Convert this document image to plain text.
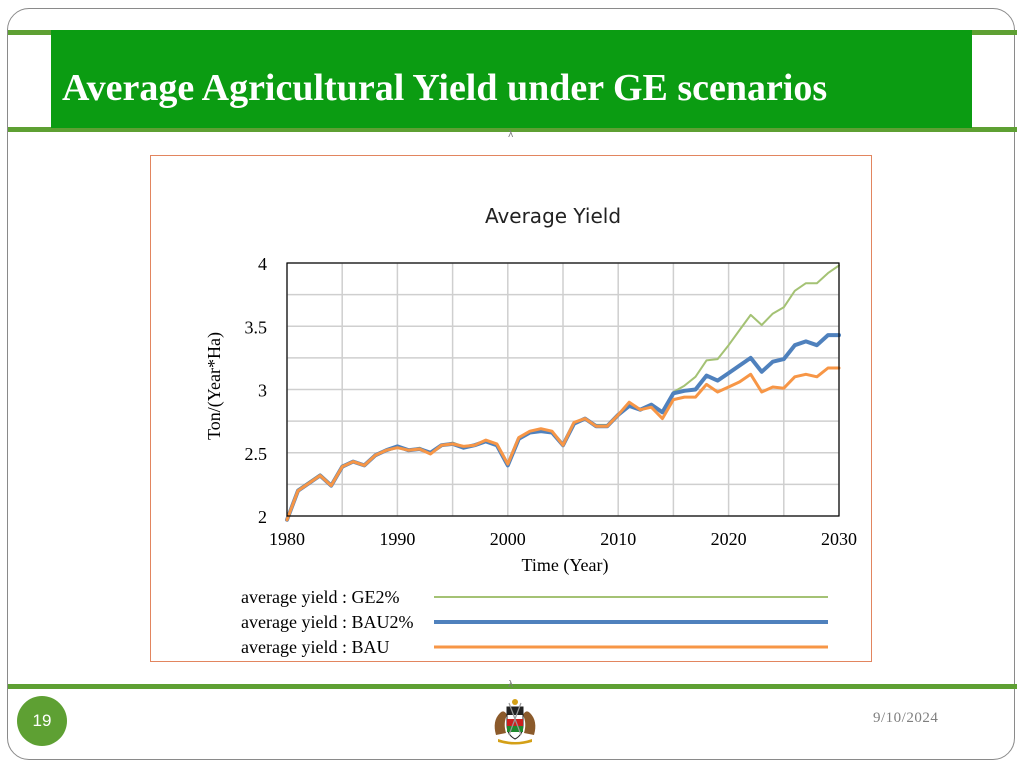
Average Agricultural Yield under GE scenarios
λ
λ
4
3.5
3
2.5
2
1980	1990	2000	2010	2020	2030
Average Yield
Ton/(Year*Ha)
Time (Year)
average yield : GE2%
average yield : BAU2%
average yield : BAU
19	9/10/2024
